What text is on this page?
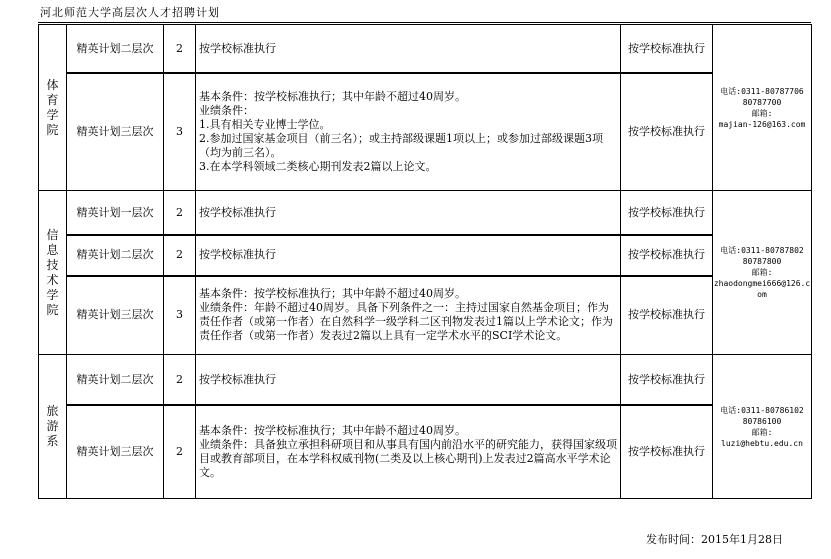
河北师范大学高层次人才招聘计划
体育
学院	精英计划二层次	2	按学校标准执行	按学校标准执行	电话:0311-80787706
80787700
邮箱:
majian-126@163.com

	精英计划三层次	3	基本条件：按学校标准执行；其中年龄不超过40周岁。
业绩条件：
1.具有相关专业博士学位。
2.参加过国家基金项目（前三名）；或主持部级课题1项以上；或参加过部级课题3项（均为前三名）。
3.在本学科领域二类核心期刊发表2篇以上论文。	按学校标准执行	

信息
技术
学院	精英计划一层次	2	按学校标准执行	按学校标准执行	电话:0311-80787802
80787800
邮箱:
zhaodongmei666@126.com

	精英计划二层次	2	按学校标准执行	按学校标准执行	
	精英计划三层次	3	基本条件：按学校标准执行；其中年龄不超过40周岁。
业绩条件：年龄不超过40周岁。具备下列条件之一：主持过国家自然基金项目；作为责任作者（或第一作者）在自然科学一级学科二区刊物发表过1篇以上学术论文；作为责任作者（或第一作者）发表过2篇以上具有一定学术水平的SCI学术论文。	按学校标准执行	

旅游
系	精英计划二层次	2	按学校标准执行	按学校标准执行	电话:0311-80786102
80786100
邮箱:
luzi@hebtu.edu.cn

	精英计划三层次	2	基本条件：按学校标准执行；其中年龄不超过40周岁。
业绩条件：具备独立承担科研项目和从事具有国内前沿水平的研究能力，获得国家级项目或教育部项目，在本学科权威刊物(二类及以上核心期刊)上发表过2篇高水平学术论文。	按学校标准执行	
发布时间：2015年1月28日
